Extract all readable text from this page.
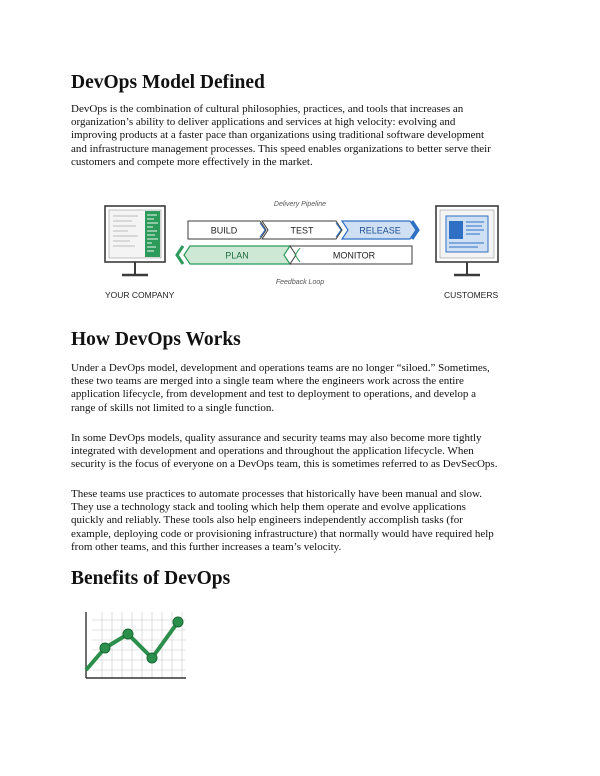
DevOps Model Defined

DevOps is the combination of cultural philosophies, practices, and tools that increases an
organization’s ability to deliver applications and services at high velocity: evolving and
improving products at a faster pace than organizations using traditional software development
and infrastructure management processes. This speed enables organizations to better serve their
customers and compete more effectively in the market.

YOUR COMPANY
Delivery Pipeline
BUILD	TEST	RELEASE
PLAN	MONITOR
Feedback Loop
CUSTOMERS
How DevOps Works

Under a DevOps model, development and operations teams are no longer “siloed.” Sometimes,
these two teams are merged into a single team where the engineers work across the entire
application lifecycle, from development and test to deployment to operations, and develop a
range of skills not limited to a single function.

In some DevOps models, quality assurance and security teams may also become more tightly
integrated with development and operations and throughout the application lifecycle. When
security is the focus of everyone on a DevOps team, this is sometimes referred to as DevSecOps.

These teams use practices to automate processes that historically have been manual and slow.
They use a technology stack and tooling which help them operate and evolve applications
quickly and reliably. These tools also help engineers independently accomplish tasks (for
example, deploying code or provisioning infrastructure) that normally would have required help
from other teams, and this further increases a team’s velocity.

Benefits of DevOps
